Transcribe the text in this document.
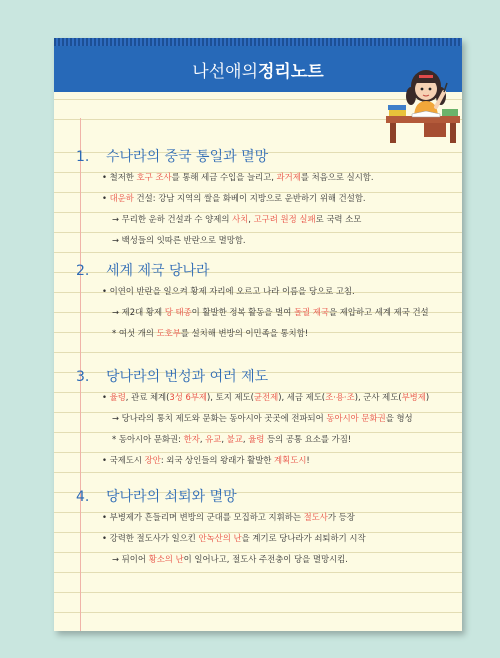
나선애의 정리노트
1. 수나라의 중국 통일과 멸망
• 철저한 호구 조사를 통해 세금 수입을 늘리고, 과거제를 처음으로 실시함.
• 대운하 건설: 강남 지역의 쌀을 화베이 지방으로 운반하기 위해 건설함.
→ 무리한 운하 건설과 수 양제의 사치, 고구려 원정 실패로 국력 소모
→ 백성들의 잇따른 반란으로 멸망함.
2. 세계 제국 당나라
• 이연이 반란을 일으켜 황제 자리에 오르고 나라 이름을 당으로 고침.
→ 제2대 황제 당 태종이 활발한 정복 활동을 벌여 돌궐 제국을 제압하고 세계 제국 건설
* 여섯 개의 도호부를 설치해 변방의 이민족을 통치함!
3. 당나라의 번성과 여러 제도
• 율령, 관료 체계(3성 6부제), 토지 제도(균전제), 세금 제도(조·용·조), 군사 제도(부병제)
→ 당나라의 통치 제도와 문화는 동아시아 곳곳에 전파되어 동아시아 문화권을 형성
* 동아시아 문화권: 한자, 유교, 불교, 율령 등의 공통 요소를 가짐!
• 국제도시 장안: 외국 상인들의 왕래가 활발한 계획도시!
4. 당나라의 쇠퇴와 멸망
• 부병제가 흔들리며 변방의 군대를 모집하고 지휘하는 절도사가 등장
• 강력한 절도사가 일으킨 안녹산의 난을 계기로 당나라가 쇠퇴하기 시작
→ 뒤이어 황소의 난이 일어나고, 절도사 주전충이 당을 멸망시킴.
